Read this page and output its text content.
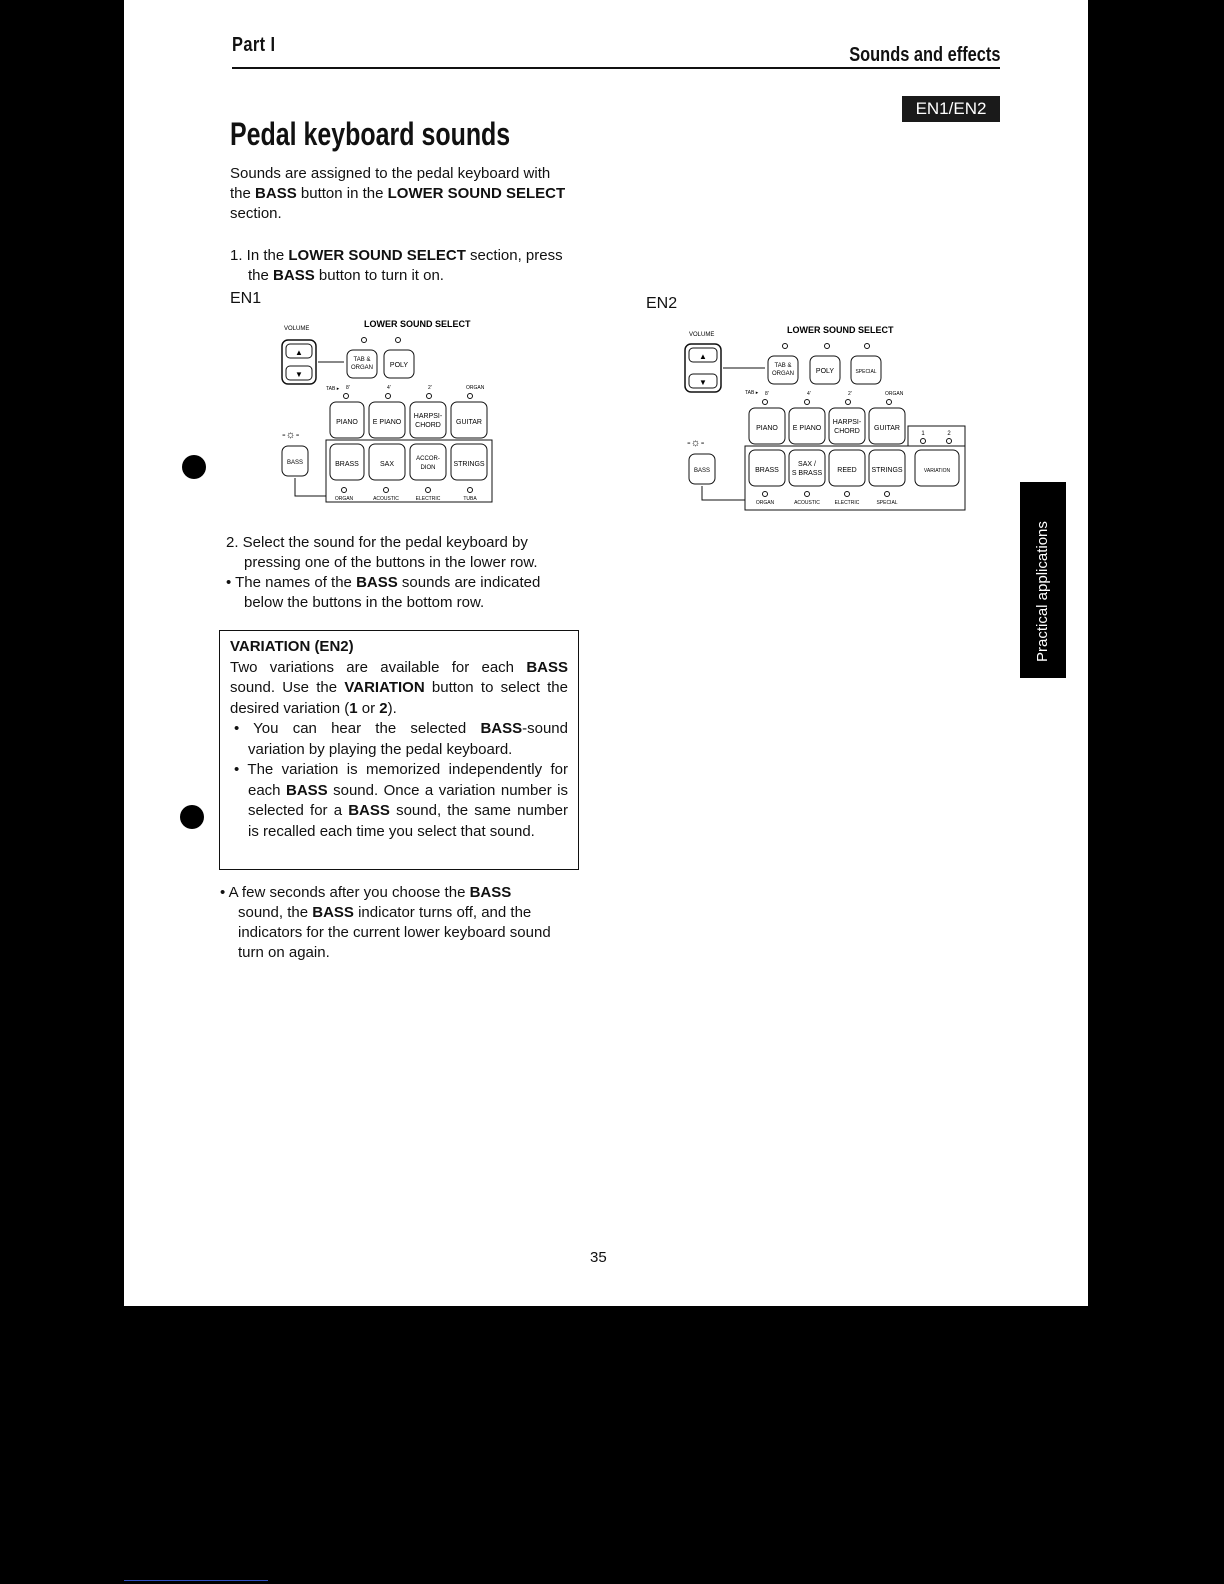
Part I	Sounds and effects
EN1/EN2
Pedal keyboard sounds
Sounds are assigned to the pedal keyboard with
the BASS button in the LOWER SOUND SELECT
section.
1. In the LOWER SOUND SELECT section, press
the BASS button to turn it on.
EN1	EN2
VOLUME	LOWER SOUND SELECT
▲
▼
TAB &
ORGAN POLY
TAB ▸ 8'	4'	2'	ORGAN
PIANO E PIANO
HARPSI-
CHORD GUITAR
BRASS	SAX
ACCOR-
DION	STRINGS
-☼-
BASS
ORGAN	ACOUSTIC	ELECTRIC	TUBA
VOLUME	LOWER SOUND SELECT
▲
▼
TAB &
ORGAN	POLY	SPECIAL
TAB ▸ 8'	4'	2'	ORGAN
PIANO E PIANO
HARPSI-
CHORD GUITAR
1	2
BRASS
SAX /
S BRASS REED STRINGS	VARIATION
-☼-
BASS
ORGAN	ACOUSTIC	ELECTRIC	SPECIAL
2. Select the sound for the pedal keyboard by
pressing one of the buttons in the lower row.
• The names of the BASS sounds are indicated
below the buttons in the bottom row.
VARIATION (EN2)
Two variations are available for each BASS sound. Use the VARIATION button to select the desired variation (1 or 2).
• You can hear the selected BASS-sound variation by playing the pedal keyboard.
• The variation is memorized independently for each BASS sound. Once a variation number is selected for a BASS sound, the same number is recalled each time you select that sound.
• A few seconds after you choose the BASS
sound, the BASS indicator turns off, and the
indicators for the current lower keyboard sound
turn on again.
35
Practical applications
